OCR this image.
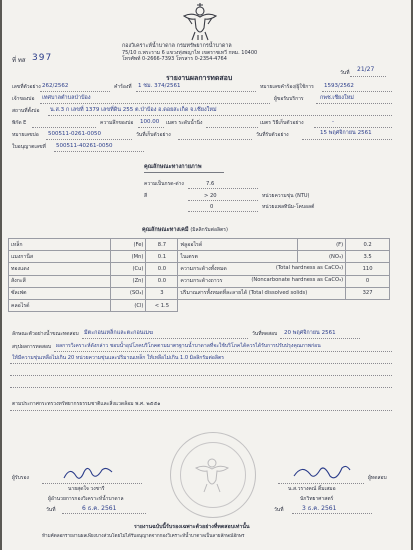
กองวิเคราะห์น้ำบาดาล กรมทรัพยากรน้ำบาดาล
75/10 ถ.พระราม 6 แขวงทุ่งพญาไท เขตราชเทวี กทม. 10400
โทรศัพท์ 0-2666-7393 โทรสาร 0-2354-4764
ที่ ทส 397
รายงานผลการทดสอบ
วันที่ 21/27
เลขที่ตัวอย่าง 262/2562	คำร้องที่ 1 ชม. 374/2561	หมายเลขคำร้อง/ผู้ใช้การ 1593/2562
เจ้าของบ่อ เทศบาลตำบลป่าป้อง	ผู้ขอรับบริการ	กพช.เชียงใหม่
สถานที่ตั้งบ่อ น.ส.3 ก เลขที่ 1379 เลขที่ดิน 255 ต.ป่าป้อง อ.ดอยสะเก็ด จ.เชียงใหม่
พิกัด E	ความลึกของบ่อ 100.00 เมตร ระดับน้ำนิ่ง	เมตร วิธีเก็บตัวอย่าง	-
หมายเลขบ่อ 500511-0261-0050	วันที่เก็บตัวอย่าง	วันที่รับตัวอย่าง	15 พฤศจิกายน 2561
ใบอนุญาตเลขที่ 500511-40261-0050
คุณลักษณะทางกายภาพ
ความเป็นกรด-ด่าง	7.6
สี	> 20	หน่วยความขุ่น (NTU)
0	หน่วยแพลทินัม-โคบอลต์
คุณลักษณะทางเคมี (มิลลิกรัมต่อลิตร)
เหล็ก	(Fe)	8.7	ฟลูออไรด์	(F)	0.2
แมงกานีส	(Mn)	0.1	ไนเตรต	(NO₃)	3.5
ทองแดง	(Cu)	0.0	ความกระด้างทั้งหมด (Total hardness as CaCO₃)		110
สังกะสี	(Zn)	0.0	ความกระด้างถาวร (Noncarbonate hardness as CaCO₃)		0
ซัลเฟต	(SO₄)	3	ปริมาณสารทั้งหมดที่ละลายได้ (Total dissolved solids)		327
คลอไรด์	(Cl)	< 1.5			
ลักษณะตัวอย่างน้ำขณะทดสอบ มีตะกอนเหล็กและตะกอนเมฆ	วันที่ทดสอบ 20 พฤศจิกายน 2561
สรุปผลการทดสอบ ผลการวิเคราะห์ดังกล่าว ชอบน้ำอุปโภคบริโภคตามมาตรฐานน้ำบาดาลที่จะใช้บริโภคได้ควรได้รับการปรับปรุงคุณภาพก่อน
ให้มีความขุ่นเหลือไม่เกิน 20 หน่วยความขุ่นและปริมาณเหล็ก ให้เหลือไม่เกิน 1.0 มิลลิกรัมต่อลิตร
ตามประกาศกระทรวงทรัพยากรธรรมชาติและสิ่งแวดล้อม พ.ศ. ๒๕๕๑
ผู้รับรอง
นายสุดใจ วงชารี
ผู้อำนวยการกองวิเคราะห์น้ำบาดาล
วันที่	6 ธ.ค. 2561
ผู้ทดสอบ
น.ส.วรางคณ์ ดิ้มเสมอ
นักวิทยาศาสตร์
วันที่	3 ธ.ค. 2561
รายงานฉบับนี้รับรองเฉพาะตัวอย่างที่ทดสอบเท่านั้น
ห้ามคัดลอกรายงานผลเพียงบางส่วนโดยไม่ได้รับอนุญาตจากกองวิเคราะห์น้ำบาดาลเป็นลายลักษณ์อักษร
